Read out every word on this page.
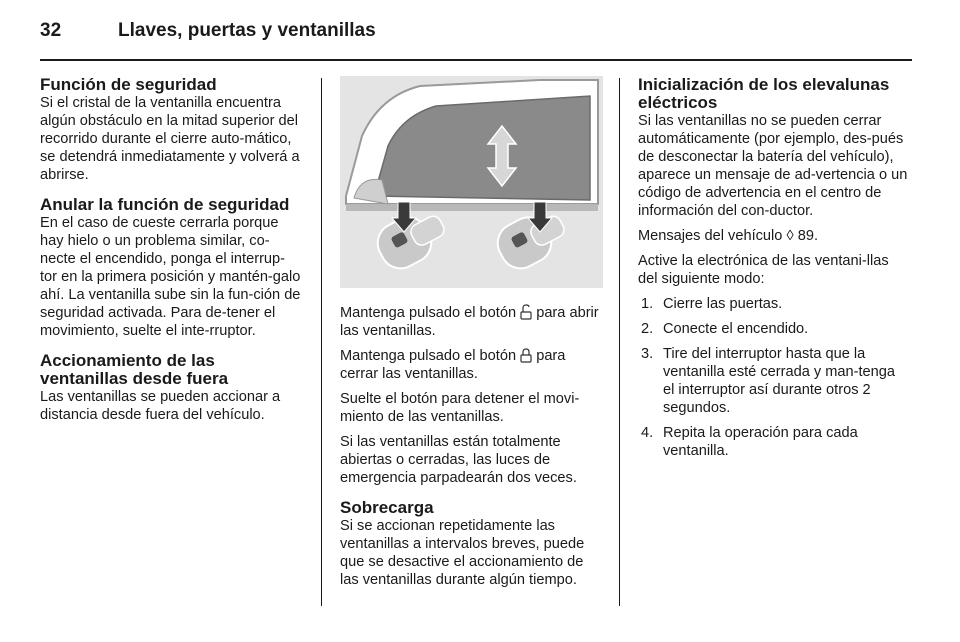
32	Llaves, puertas y ventanillas
Función de seguridad

Si el cristal de la ventanilla encuentra algún obstáculo en la mitad superior del recorrido durante el cierre auto-mático, se detendrá inmediatamente y volverá a abrirse.

Anular la función de seguridad

En el caso de cueste cerrarla porque hay hielo o un problema similar, co-necte el encendido, ponga el interrup-tor en la primera posición y mantén-galo ahí. La ventanilla sube sin la fun-ción de seguridad activada. Para de-tener el movimiento, suelte el inte-rruptor.

Accionamiento de las ventanillas desde fuera

Las ventanillas se pueden accionar a distancia desde fuera del vehículo.

Mantenga pulsado el botón para abrir las ventanillas.

Mantenga pulsado el botón para cerrar las ventanillas.

Suelte el botón para detener el movi-miento de las ventanillas.

Si las ventanillas están totalmente abiertas o cerradas, las luces de emergencia parpadearán dos veces.

Sobrecarga

Si se accionan repetidamente las ventanillas a intervalos breves, puede que se desactive el accionamiento de las ventanillas durante algún tiempo.

Inicialización de los elevalunas eléctricos

Si las ventanillas no se pueden cerrar automáticamente (por ejemplo, des-pués de desconectar la batería del vehículo), aparece un mensaje de ad-vertencia o un código de advertencia en el centro de información del con-ductor.

Mensajes del vehículo ◊ 89.

Active la electrónica de las ventani-llas del siguiente modo:

1. Cierre las puertas.
2. Conecte el encendido.
3. Tire del interruptor hasta que la ventanilla esté cerrada y man-tenga el interruptor así durante otros 2 segundos.
4. Repita la operación para cada ventanilla.
